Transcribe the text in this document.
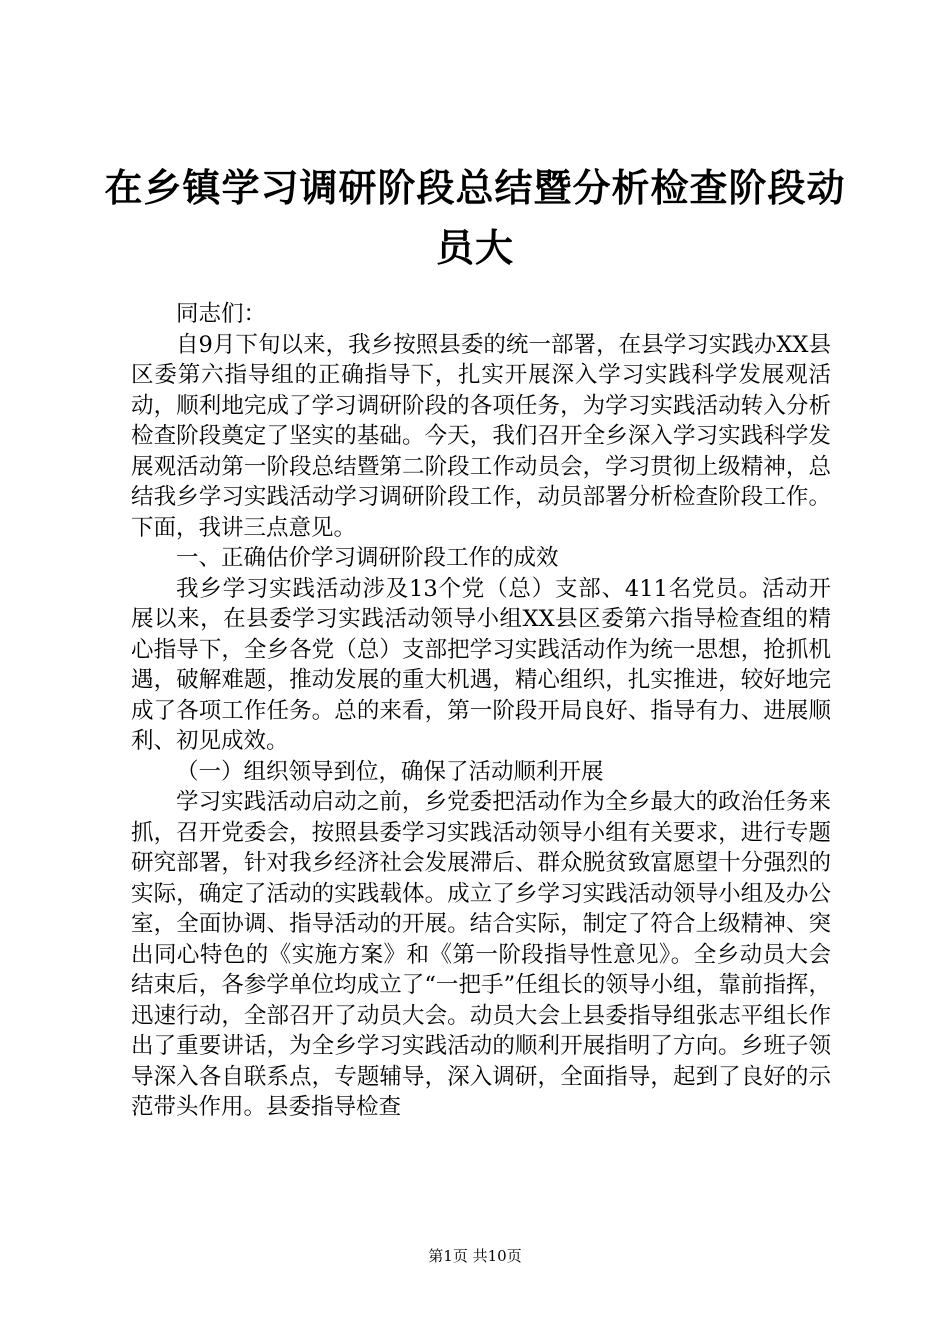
在乡镇学习调研阶段总结暨分析检查阶段动员大

同志们：

自9月下旬以来，我乡按照县委的统一部署，在县学习实践办XX县区委第六指导组的正确指导下，扎实开展深入学习实践科学发展观活动，顺利地完成了学习调研阶段的各项任务，为学习实践活动转入分析检查阶段奠定了坚实的基础。今天，我们召开全乡深入学习实践科学发展观活动第一阶段总结暨第二阶段工作动员会，学习贯彻上级精神，总结我乡学习实践活动学习调研阶段工作，动员部署分析检查阶段工作。下面，我讲三点意见。

一、正确估价学习调研阶段工作的成效

我乡学习实践活动涉及13个党（总）支部、411名党员。活动开展以来，在县委学习实践活动领导小组XX县区委第六指导检查组的精心指导下，全乡各党（总）支部把学习实践活动作为统一思想，抢抓机遇，破解难题，推动发展的重大机遇，精心组织，扎实推进，较好地完成了各项工作任务。总的来看，第一阶段开局良好、指导有力、进展顺利、初见成效。

（一）组织领导到位，确保了活动顺利开展

学习实践活动启动之前，乡党委把活动作为全乡最大的政治任务来抓，召开党委会，按照县委学习实践活动领导小组有关要求，进行专题研究部署，针对我乡经济社会发展滞后、群众脱贫致富愿望十分强烈的实际，确定了活动的实践载体。成立了乡学习实践活动领导小组及办公室，全面协调、指导活动的开展。结合实际，制定了符合上级精神、突出同心特色的《实施方案》和《第一阶段指导性意见》。全乡动员大会结束后，各参学单位均成立了“一把手”任组长的领导小组，靠前指挥，迅速行动，全部召开了动员大会。动员大会上县委指导组张志平组长作出了重要讲话，为全乡学习实践活动的顺利开展指明了方向。乡班子领导深入各自联系点，专题辅导，深入调研，全面指导，起到了良好的示范带头作用。县委指导检查

第1页 共10页
